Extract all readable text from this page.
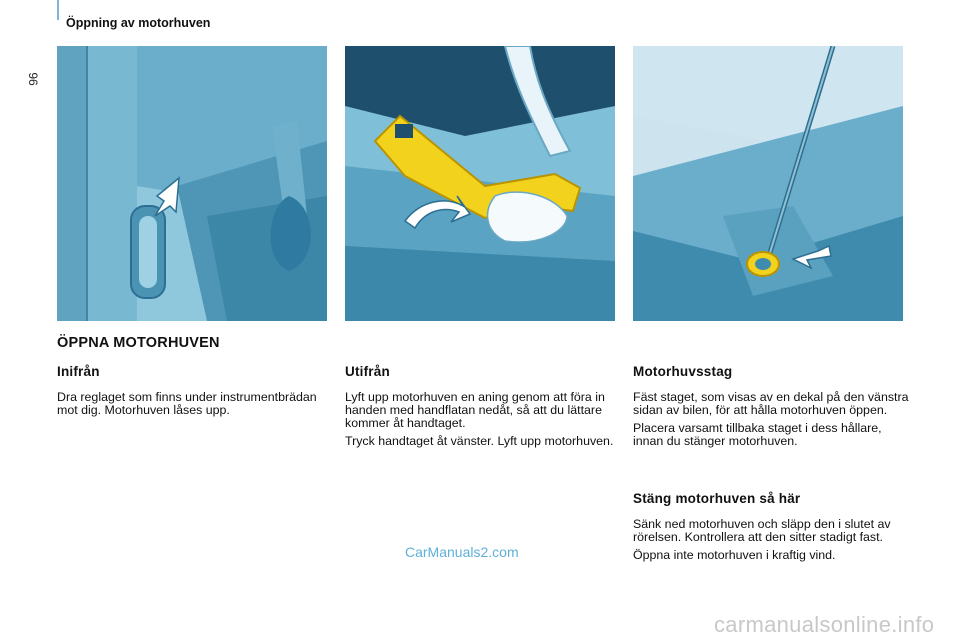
96
Öppning av motorhuven
ÖPPNA MOTORHUVEN
Inifrån

Dra reglaget som finns under instrumentbrädan mot dig. Motorhuven låses upp.

Utifrån

Lyft upp motorhuven en aning genom att föra in handen med handflatan nedåt, så att du lättare kommer åt handtaget.

Tryck handtaget åt vänster. Lyft upp motorhuven.

Motorhuvsstag

Fäst staget, som visas av en dekal på den vänstra sidan av bilen, för att hålla motorhuven öppen.

Placera varsamt tillbaka staget i dess hållare, innan du stänger motorhuven.

Stäng motorhuven så här

Sänk ned motorhuven och släpp den i slutet av rörelsen. Kontrollera att den sitter stadigt fast.

Öppna inte motorhuven i kraftig vind.

CarManuals2.com
carmanualsonline.info
